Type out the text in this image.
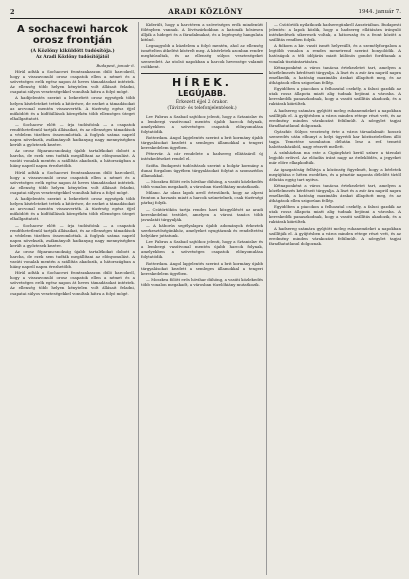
2	ARADI KÖZLÖNY	1944. január 7.
A sochacewi harcok
orosz frontján
(A Közlöny kiküldött tudósítója.)
Az Aradi Közlöny tudósítójától
Budapest, január 6.

Hírül adták a Sochacewi frontszakaszon dúló harcokról, hogy a visszavonuló orosz csapatok ellen a német és a szövetséges erők egész napon át heves támadásokat intéztek. Az ellenség több helyen kénytelen volt állásait feladni, csapatai súlyos veszteségekkel vonultak hátra a folyó mögé.

A hadijelentés szerint a bekerített orosz egységek több helyen kísérleteket tettek a kitörésre, de ezeket a támadásokat az arcvonal mentén visszaverték. A tüzérség egész éjjel működött és a hidfőállások környékén több ellenséges üteget elhallgattatott.

— Sochacew előtt — írja tudósítónk — a csapatok rendíthetetlenül tartják állásaikat, és az ellenséges támadások a védelem tüzében összeomlottak. A foglyok száma napról napra növekszik, zsákmányolt hadianyag nagy mennyiségben került a győztesek kezére.

Az orosz főparancsnokság újabb tartalékokat dobott a harcba, de ezek sem tudták megállítani az előnyomulást. A vasúti vonalak mentén a szállítás akadozik, a hátországban a hiány napról napra érezhetőbb.

Hírül adták a Sochacewi frontszakaszon dúló harcokról, hogy a visszavonuló orosz csapatok ellen a német és a szövetséges erők egész napon át heves támadásokat intéztek. Az ellenség több helyen kénytelen volt állásait feladni, csapatai súlyos veszteségekkel vonultak hátra a folyó mögé.

A hadijelentés szerint a bekerített orosz egységek több helyen kísérleteket tettek a kitörésre, de ezeket a támadásokat az arcvonal mentén visszaverték. A tüzérség egész éjjel működött és a hidfőállások környékén több ellenséges üteget elhallgattatott.

— Sochacew előtt — írja tudósítónk — a csapatok rendíthetetlenül tartják állásaikat, és az ellenséges támadások a védelem tüzében összeomlottak. A foglyok száma napról napra növekszik, zsákmányolt hadianyag nagy mennyiségben került a győztesek kezére.

Az orosz főparancsnokság újabb tartalékokat dobott a harcba, de ezek sem tudták megállítani az előnyomulást. A vasúti vonalak mentén a szállítás akadozik, a hátországban a hiány napról napra érezhetőbb.

Hírül adták a Sochacewi frontszakaszon dúló harcokról, hogy a visszavonuló orosz csapatok ellen a német és a szövetséges erők egész napon át heves támadásokat intéztek. Az ellenség több helyen kénytelen volt állásait feladni, csapatai súlyos veszteségekkel vonultak hátra a folyó mögé.

Kiderült, hogy a harctéren a szövetséges erők mindenütt fölényben vannak. A lövészárkokban a katonák hősiesen állják a hideget és a fáradalmakat, és a legénység hangulata kitűnő.

Legnagyobb a küzdelem a folyó mentén, ahol az ellenség ismételten átkelést kísérelt meg. A kísérletek azonban rendre meghiúsultak, és az ellenség súlyos veszteségeket szenvedett. Az utolsó napokban a harcok hevessége valamit csökkent.

HÍREK.
LEGÚJABB.
Érkezett éjjel 2 órakor.
(Távirat- és telefonjelentések.)

Lev Fabrus a Szabad sajtóhoz jelenti, hogy a Sztanislav és a lembergi vasútvonal mentén újabb harcok folynak, amelyekben a szövetséges csapatok előnyomulása folytatódik.

Rotterdam. Angol lapjelentés szerint a brit kormány újabb tárgyalásokat kezdett a semleges államokkal a tengeri kereskedelem ügyében.

Pétervár. A cár rendelete a hadsereg ellátásáról új intézkedéseket rendel el.

Szófia. Budapesti tudósítások szerint a bolgár kormány a dunai forgalom ügyében tárgyalásokat folytat a szomszédos államokkal.

— Moszkva fölött erős hóvihar dühöng, a vasúti közlekedés több vonalon megakadt, a városban tüzelőhiány mutatkozik.

Milano. Az olasz lapok arról értesülnek, hogy az alpesi fronton a havazás miatt a harcok szünetelnek, csak tüzérségi párbaj folyik.

— Csütörtökön tartja rendes havi közgyűlését az aradi kereskedelmi testület, amelyen a városi tanács több javaslatát tárgyalják.

— A háborús segélyalapra újabb adományok érkeztek szerkesztőségünkhöz, amelyeket nyugtázunk és rendeltetési helyükre juttatunk.

Lev Fabrus a Szabad sajtóhoz jelenti, hogy a Sztanislav és a lembergi vasútvonal mentén újabb harcok folynak, amelyekben a szövetséges csapatok előnyomulása folytatódik.

Rotterdam. Angol lapjelentés szerint a brit kormány újabb tárgyalásokat kezdett a semleges államokkal a tengeri kereskedelem ügyében.

— Moszkva fölött erős hóvihar dühöng, a vasúti közlekedés több vonalon megakadt, a városban tüzelőhiány mutatkozik.

— Csütörtök nyilatkozik hadseregünkről Ausztriában. Budapesti jelentés: a lapok közlik, hogy a hadsereg ellátására irányuló intézkedések sikeresek voltak, a hátország és a front között a szállítás rendben folyik.

A fiókorn a kir. vasút ismét helyreállt, és a személyforgalom a legtöbb vonalon a rendes menetrend szerint bonyolódik. A hatóságok a téli időjárás miatt különös gondot fordítanak a vonalak tisztántartására.

Kétnaponként a város tanácsa értekezletet tart, amelyen a közélelmezés kérdéseit tárgyalja. A liszt és a zsír ára napról napra emelkedik, a hatóság maximális árakat állapított meg, és az áthágások ellen szigorúan fellép.

Egyidőben a piacokon a felhozatal csekély, a falusi gazdák az utak rossz állapota miatt alig tudnak bejönni a városba. A kereskedők panaszkodnak, hogy a vasúti szállítás akadozik, és a raktárak kiürültek.

A hadsereg számára gyűjtött meleg ruhaneműeket a napokban szállítják el. A gyűjtésben a város minden rétege részt vett, és az eredmény minden várakozást felülmúlt. A nőegylet tagjai fáradhatatlanul dolgoznak.

Gyászhír. Súlyos veszteség érte a város társadalmát: hosszú szenvedés után elhunyt a helyi ügyvédi kar köztiszteletben álló tagja. Temetése szombaton délután lesz a ref. temető halottasházából, nagy részvét mellett.

A színházban ma este a Cigánybáró kerül színre a társulat legjobb erőivel. Az előadás iránt nagy az érdeklődés, a jegyeket már előre elkapkodták.

Az igazgatóság felhívja a közönség figyelmét, hogy a bérletek megújítása e héten esedékes, és a pénztár naponta délelőtt tíztől délután egyig tart nyitva.

Kétnaponként a város tanácsa értekezletet tart, amelyen a közélelmezés kérdéseit tárgyalja. A liszt és a zsír ára napról napra emelkedik, a hatóság maximális árakat állapított meg, és az áthágások ellen szigorúan fellép.

Egyidőben a piacokon a felhozatal csekély, a falusi gazdák az utak rossz állapota miatt alig tudnak bejönni a városba. A kereskedők panaszkodnak, hogy a vasúti szállítás akadozik, és a raktárak kiürültek.

A hadsereg számára gyűjtött meleg ruhaneműeket a napokban szállítják el. A gyűjtésben a város minden rétege részt vett, és az eredmény minden várakozást felülmúlt. A nőegylet tagjai fáradhatatlanul dolgoznak.
